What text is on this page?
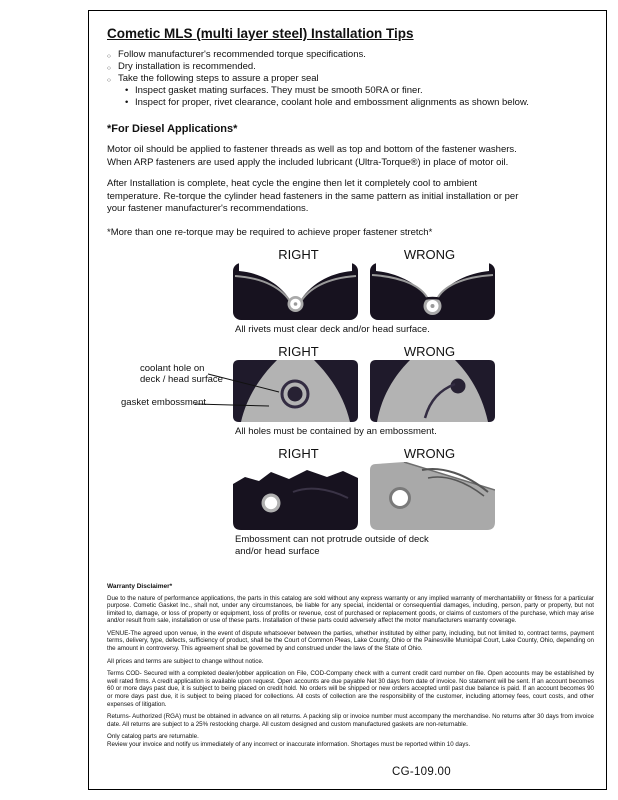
Cometic MLS (multi layer steel) Installation Tips
○ Follow manufacturer's recommended torque specifications.
○ Dry installation is recommended.
○ Take the following steps to assure a proper seal
• Inspect gasket mating surfaces. They must be smooth 50RA or finer.
• Inspect for proper, rivet clearance, coolant hole and embossment alignments as shown below.
*For Diesel Applications*

Motor oil should be applied to fastener threads as well as top and bottom of the fastener washers. When ARP fasteners are used apply the included lubricant (Ultra-Torque®) in place of motor oil.

After Installation is complete, heat cycle the engine then let it completely cool to ambient temperature. Re-torque the cylinder head fasteners in the same pattern as initial installation or per your fastener manufacturer's recommendations.

*More than one re-torque may be required to achieve proper fastener stretch*

RIGHT	WRONG

All rivets must clear deck and/or head surface.

coolant hole on
deck / head surface
gasket embossment
RIGHT	WRONG

All holes must be contained by an embossment.

RIGHT	WRONG

Embossment can not protrude outside of deck and/or head surface

Warranty Disclaimer*

Due to the nature of performance applications, the parts in this catalog are sold without any express warranty or any implied warranty of merchantability or fitness for a particular purpose. Cometic Gasket Inc., shall not, under any circumstances, be liable for any special, incidental or consequential damages, including, person, party or property, but not limited to, damage, or loss of property or equipment, loss of profits or revenue, cost of purchased or replacement goods, or claims of customers of the purchase, which may arise and/or result from sale, installation or use of these parts. Installation of these parts could adversely affect the motor manufacturers warranty coverage.

VENUE-The agreed upon venue, in the event of dispute whatsoever between the parties, whether instituted by either party, including, but not limited to, contract terms, payment terms, delivery, type, defects, sufficiency of product, shall be the Court of Common Pleas, Lake County, Ohio or the Painesville Municipal Court, Lake County, Ohio, depending on the amount in controversy. This agreement shall be governed by and construed under the laws of the State of Ohio.

All prices and terms are subject to change without notice.

Terms COD- Secured with a completed dealer/jobber application on File, COD-Company check with a current credit card number on file. Open accounts may be established by well rated firms. A credit application is available upon request. Open accounts are due payable Net 30 days from date of invoice. No statement will be sent. If an account becomes 60 or more days past due, it is subject to being placed on credit hold. No orders will be shipped or new orders accepted until past due balance is paid. If an account becomes 90 or more days past due, it is subject to being placed for collections. All costs of collection are the responsibility of the customer, including attorney fees, court costs, and other expenses of litigation.

Returns- Authorized (RGA) must be obtained in advance on all returns. A packing slip or invoice number must accompany the merchandise. No returns after 30 days from invoice date. All returns are subject to a 25% restocking charge. All custom designed and custom manufactured gaskets are non-returnable.

Only catalog parts are returnable.

Review your invoice and notify us immediately of any incorrect or inaccurate information. Shortages must be reported within 10 days.

CG-109.00
